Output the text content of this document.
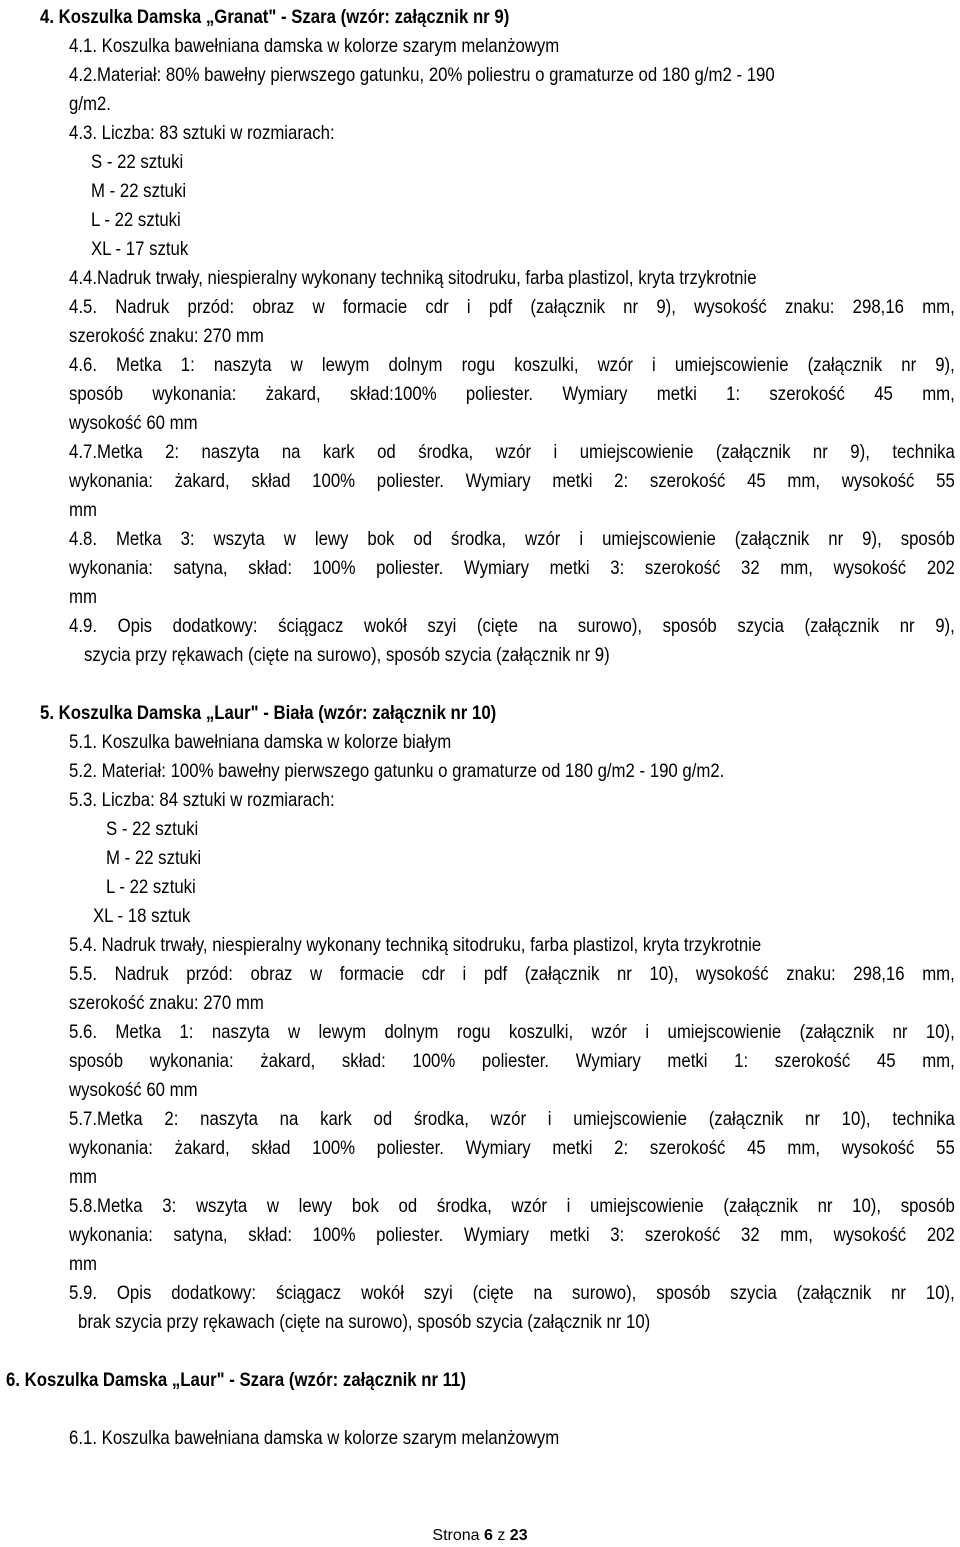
4. Koszulka Damska „Granat" - Szara (wzór: załącznik nr 9)
4.1. Koszulka bawełniana damska w kolorze szarym melanżowym
4.2.Materiał: 80% bawełny pierwszego gatunku, 20% poliestru o gramaturze od 180 g/m2 - 190
g/m2.
4.3. Liczba: 83 sztuki w rozmiarach:
S - 22 sztuki
M - 22 sztuki
L - 22 sztuki
XL - 17 sztuk
4.4.Nadruk trwały, niespieralny wykonany techniką sitodruku, farba plastizol, kryta trzykrotnie
4.5. Nadruk przód: obraz w formacie cdr i pdf (załącznik nr 9), wysokość znaku: 298,16 mm,
szerokość znaku: 270 mm
4.6. Metka 1: naszyta w lewym dolnym rogu koszulki, wzór i umiejscowienie (załącznik nr 9),
sposób wykonania: żakard, skład:100% poliester. Wymiary metki 1: szerokość 45 mm,
wysokość 60 mm
4.7.Metka 2: naszyta na kark od środka, wzór i umiejscowienie (załącznik nr 9), technika
wykonania: żakard, skład 100% poliester. Wymiary metki 2: szerokość 45 mm, wysokość 55
mm
4.8. Metka 3: wszyta w lewy bok od środka, wzór i umiejscowienie (załącznik nr 9), sposób
wykonania: satyna, skład: 100% poliester. Wymiary metki 3: szerokość 32 mm, wysokość 202
mm
4.9. Opis dodatkowy: ściągacz wokół szyi (cięte na surowo), sposób szycia (załącznik nr 9),
szycia przy rękawach (cięte na surowo), sposób szycia (załącznik nr 9)
5. Koszulka Damska „Laur" - Biała (wzór: załącznik nr 10)
5.1. Koszulka bawełniana damska w kolorze białym
5.2. Materiał: 100% bawełny pierwszego gatunku o gramaturze od 180 g/m2 - 190 g/m2.
5.3. Liczba: 84 sztuki w rozmiarach:
S - 22 sztuki
M - 22 sztuki
L - 22 sztuki
XL - 18 sztuk
5.4. Nadruk trwały, niespieralny wykonany techniką sitodruku, farba plastizol, kryta trzykrotnie
5.5. Nadruk przód: obraz w formacie cdr i pdf (załącznik nr 10), wysokość znaku: 298,16 mm,
szerokość znaku: 270 mm
5.6. Metka 1: naszyta w lewym dolnym rogu koszulki, wzór i umiejscowienie (załącznik nr 10),
sposób wykonania: żakard, skład: 100% poliester. Wymiary metki 1: szerokość 45 mm,
wysokość 60 mm
5.7.Metka 2: naszyta na kark od środka, wzór i umiejscowienie (załącznik nr 10), technika
wykonania: żakard, skład 100% poliester. Wymiary metki 2: szerokość 45 mm, wysokość 55
mm
5.8.Metka 3: wszyta w lewy bok od środka, wzór i umiejscowienie (załącznik nr 10), sposób
wykonania: satyna, skład: 100% poliester. Wymiary metki 3: szerokość 32 mm, wysokość 202
mm
5.9. Opis dodatkowy: ściągacz wokół szyi (cięte na surowo), sposób szycia (załącznik nr 10),
brak szycia przy rękawach (cięte na surowo), sposób szycia (załącznik nr 10)
6. Koszulka Damska „Laur" - Szara (wzór: załącznik nr 11)
6.1. Koszulka bawełniana damska w kolorze szarym melanżowym
Strona 6 z 23
